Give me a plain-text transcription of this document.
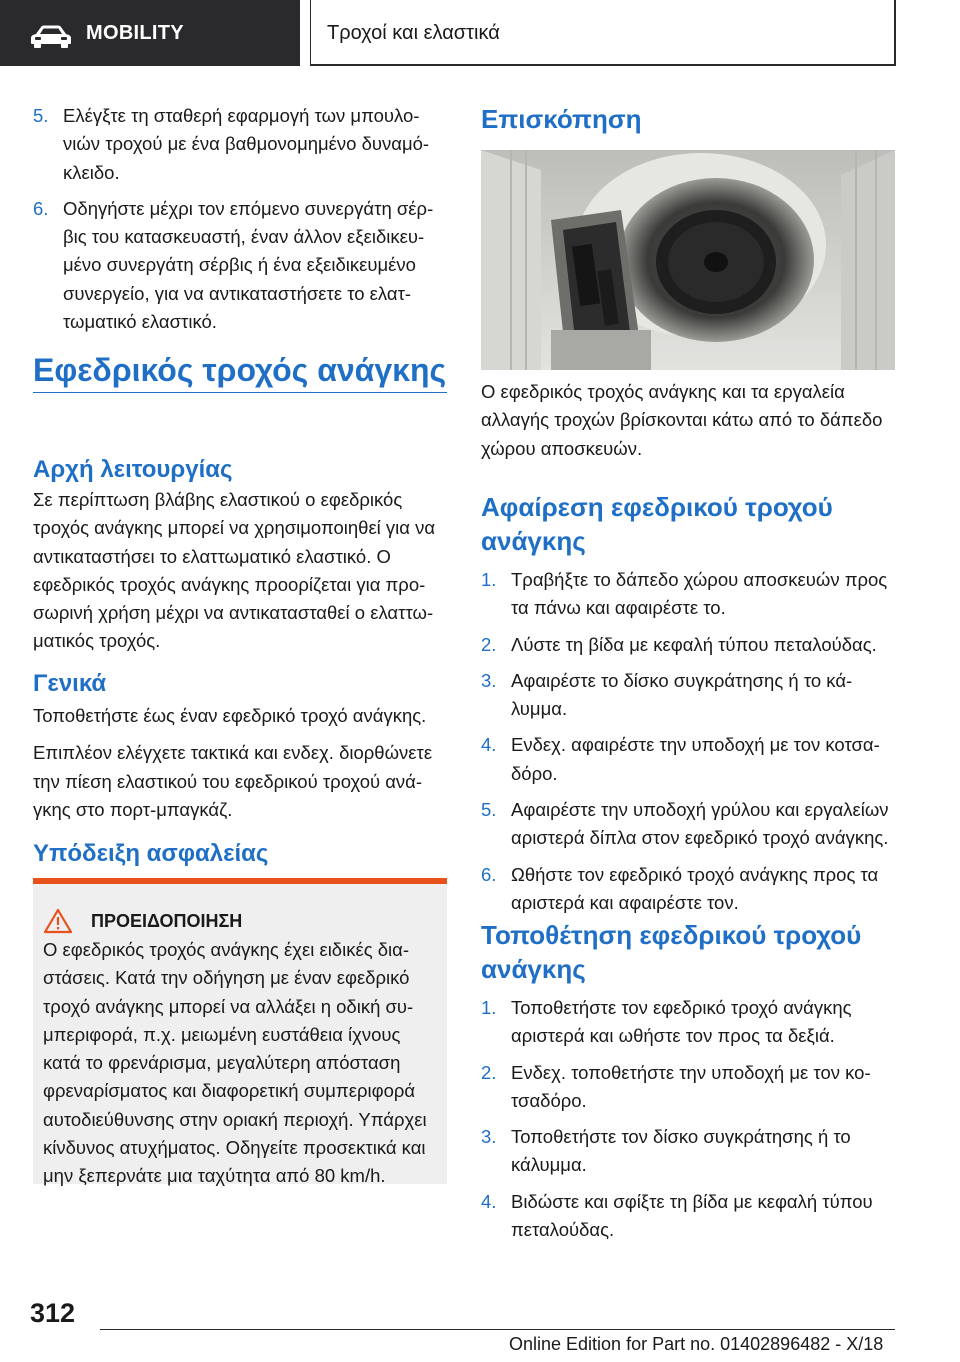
MOBILITY	Τροχοί και ελαστικά
5. Ελέγξτε τη σταθερή εφαρμογή των μπουλονιών τροχού με ένα βαθμονομημένο δυναμόκλειδο.
6. Οδηγήστε μέχρι τον επόμενο συνεργάτη σέρβις του κατασκευαστή, έναν άλλον εξειδικευμένο συνεργάτη σέρβις ή ένα εξειδικευμένο συνεργείο, για να αντικαταστήσετε το ελαττωματικό ελαστικό.
Εφεδρικός τροχός ανάγκης
Αρχή λειτουργίας

Σε περίπτωση βλάβης ελαστικού ο εφεδρικός τροχός ανάγκης μπορεί να χρησιμοποιηθεί για να αντικαταστήσει το ελαττωματικό ελαστικό. Ο εφεδρικός τροχός ανάγκης προορίζεται για προσωρινή χρήση μέχρι να αντικατασταθεί ο ελαττωματικός τροχός.

Γενικά

Τοποθετήστε έως έναν εφεδρικό τροχό ανάγκης.

Επιπλέον ελέγχετε τακτικά και ενδεχ. διορθώνετε την πίεση ελαστικού του εφεδρικού τροχού ανάγκης στο πορτ-μπαγκάζ.

Υπόδειξη ασφαλείας
ΠΡΟΕΙΔΟΠΟΙΗΣΗ

Ο εφεδρικός τροχός ανάγκης έχει ειδικές διαστάσεις. Κατά την οδήγηση με έναν εφεδρικό τροχό ανάγκης μπορεί να αλλάξει η οδική συμπεριφορά, π.χ. μειωμένη ευστάθεια ίχνους κατά το φρενάρισμα, μεγαλύτερη απόσταση φρεναρίσματος και διαφορετική συμπεριφορά αυτοδιεύθυνσης στην οριακή περιοχή. Υπάρχει κίνδυνος ατυχήματος. Οδηγείτε προσεκτικά και μην ξεπερνάτε μια ταχύτητα από 80 km/h.

Επισκόπηση

Ο εφεδρικός τροχός ανάγκης και τα εργαλεία αλλαγής τροχών βρίσκονται κάτω από το δάπεδο χώρου αποσκευών.

Αφαίρεση εφεδρικού τροχού ανάγκης
1. Τραβήξτε το δάπεδο χώρου αποσκευών προς τα πάνω και αφαιρέστε το.
2. Λύστε τη βίδα με κεφαλή τύπου πεταλούδας.
3. Αφαιρέστε το δίσκο συγκράτησης ή το κάλυμμα.
4. Ενδεχ. αφαιρέστε την υποδοχή με τον κοτσαδόρο.
5. Αφαιρέστε την υποδοχή γρύλου και εργαλείων αριστερά δίπλα στον εφεδρικό τροχό ανάγκης.
6. Ωθήστε τον εφεδρικό τροχό ανάγκης προς τα αριστερά και αφαιρέστε τον.
Τοποθέτηση εφεδρικού τροχού ανάγκης
1. Τοποθετήστε τον εφεδρικό τροχό ανάγκης αριστερά και ωθήστε τον προς τα δεξιά.
2. Ενδεχ. τοποθετήστε την υποδοχή με τον κοτσαδόρο.
3. Τοποθετήστε τον δίσκο συγκράτησης ή το κάλυμμα.
4. Βιδώστε και σφίξτε τη βίδα με κεφαλή τύπου πεταλούδας.
312
Online Edition for Part no. 01402896482 - X/18
